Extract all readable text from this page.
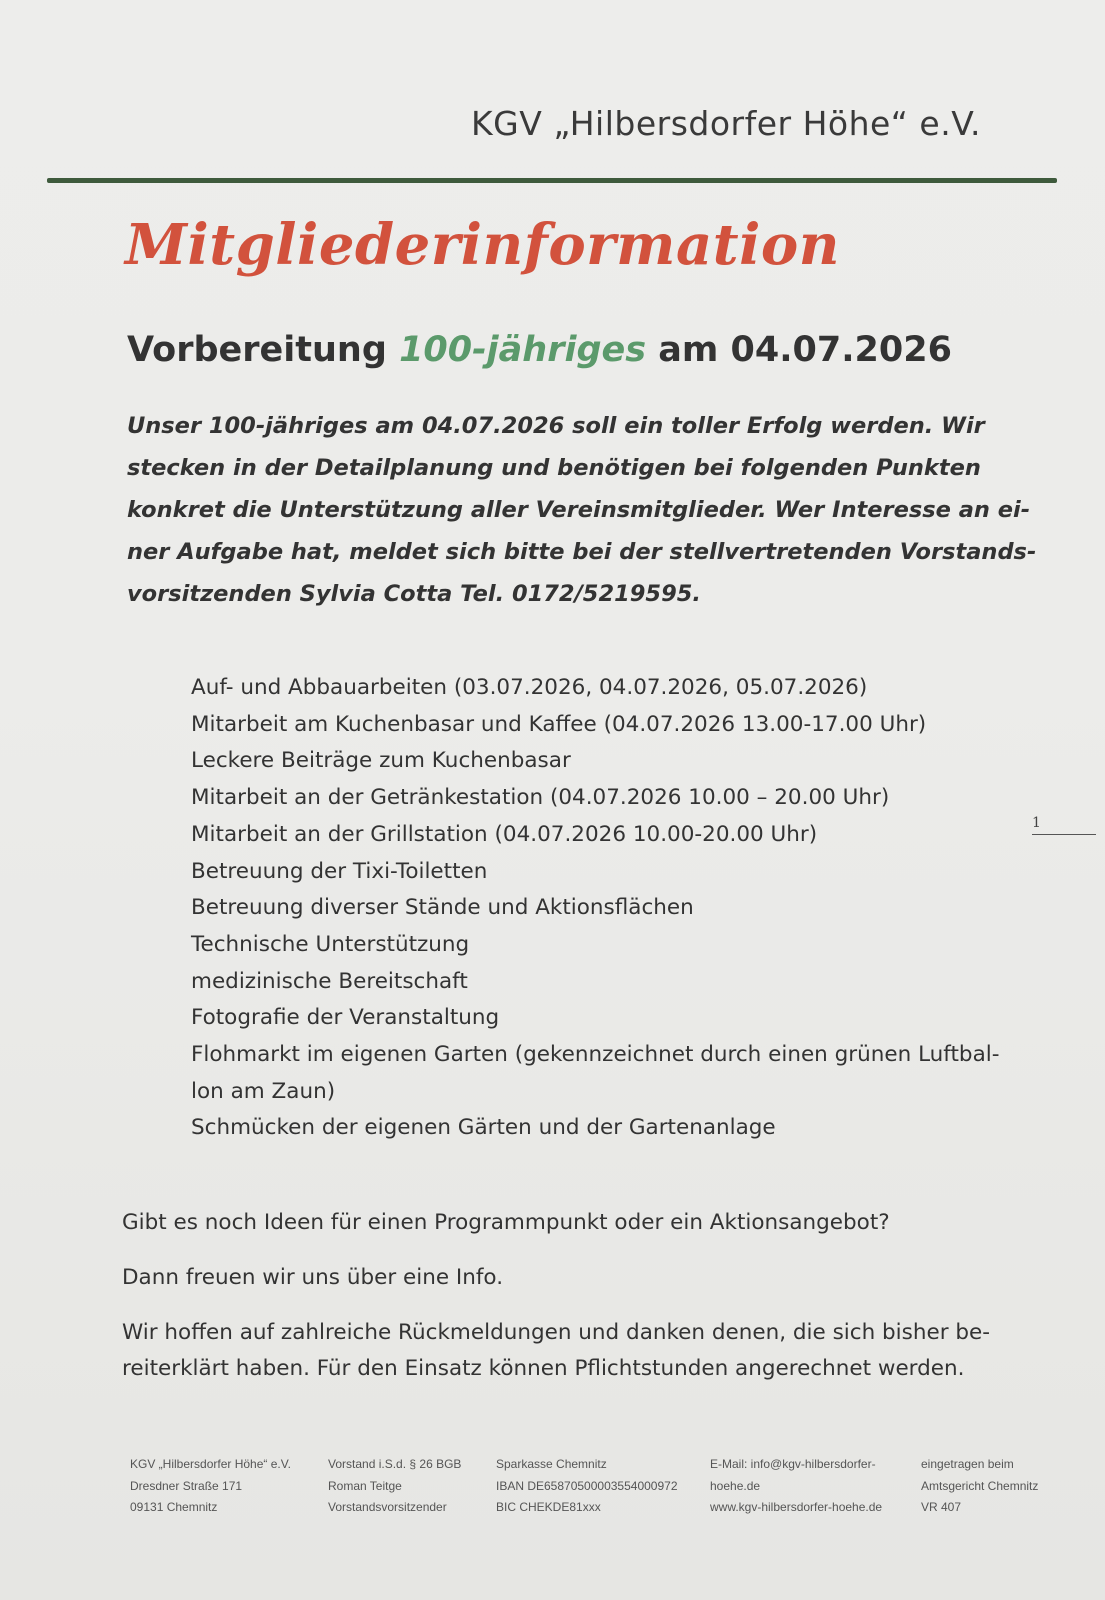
KGV „Hilbersdorfer Höhe“ e.V.
Mitgliederinformation
Vorbereitung 100-jähriges am 04.07.2026
Unser 100-jähriges am 04.07.2026 soll ein toller Erfolg werden. Wir
stecken in der Detailplanung und benötigen bei folgenden Punkten
konkret die Unterstützung aller Vereinsmitglieder. Wer Interesse an ei-
ner Aufgabe hat, meldet sich bitte bei der stellvertretenden Vorstands-
vorsitzenden Sylvia Cotta Tel. 0172/5219595.
Auf- und Abbauarbeiten (03.07.2026, 04.07.2026, 05.07.2026)
Mitarbeit am Kuchenbasar und Kaffee (04.07.2026 13.00-17.00 Uhr)
Leckere Beiträge zum Kuchenbasar
Mitarbeit an der Getränkestation (04.07.2026 10.00 – 20.00 Uhr)
Mitarbeit an der Grillstation (04.07.2026 10.00-20.00 Uhr)
Betreuung der Tixi-Toiletten
Betreuung diverser Stände und Aktionsflächen
Technische Unterstützung
medizinische Bereitschaft
Fotografie der Veranstaltung
Flohmarkt im eigenen Garten (gekennzeichnet durch einen grünen Luftbal-
lon am Zaun)
Schmücken der eigenen Gärten und der Gartenanlage
1
Gibt es noch Ideen für einen Programmpunkt oder ein Aktionsangebot?
Dann freuen wir uns über eine Info.
Wir hoffen auf zahlreiche Rückmeldungen und danken denen, die sich bisher be-
reiterklärt haben. Für den Einsatz können Pflichtstunden angerechnet werden.
KGV „Hilbersdorfer Höhe“ e.V.
Dresdner Straße 171
09131 Chemnitz
Vorstand i.S.d. § 26 BGB
Roman Teitge
Vorstandsvorsitzender
Sparkasse Chemnitz
IBAN DE65870500003554000972
BIC CHEKDE81xxx
E-Mail: info@kgv-hilbersdorfer-
hoehe.de
www.kgv-hilbersdorfer-hoehe.de
eingetragen beim
Amtsgericht Chemnitz
VR 407
